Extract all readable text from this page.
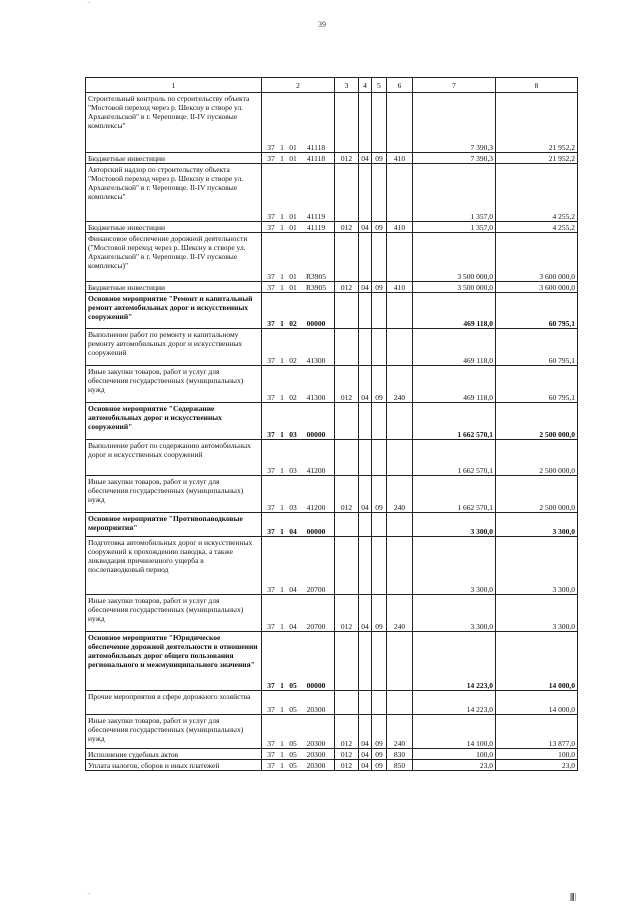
‾
39
1	2	3	4	5	6	7	8
Строительный контроль по строительству объекта "Мостовой переход через р. Шексну в створе ул. Архангельской" в г. Череповце. II-IV пусковые комплексы"	37 1 01 41118					7 390,3	21 952,2
Бюджетные инвестиции	37 1 01 41118	012	04	09	410	7 390,3	21 952,2
Авторский надзор по строительству объекта "Мостовой переход через р. Шексну в створе ул. Архангельской" в г. Череповце. II-IV пусковые комплексы"	37 1 01 41119					1 357,0	4 255,2
Бюджетные инвестиции	37 1 01 41119	012	04	09	410	1 357,0	4 255,2
Финансовое обеспечение дорожной деятельности ("Мостовой переход через р. Шексну в створе ул. Архангельской" в г. Череповце. II-IV пусковые комплексы)"	37 1 01 R3905					3 500 000,0	3 600 000,0
Бюджетные инвестиции	37 1 01 R3905	012	04	09	410	3 500 000,0	3 600 000,0
Основное мероприятие "Ремонт и капитальный ремонт автомобильных дорог и искусственных сооружений"	37 1 02 00000					469 118,0	60 795,1
Выполнение работ по ремонту и капитальному ремонту автомобильных дорог и искусственных сооружений	37 1 02 41300					469 118,0	60 795,1
Иные закупки товаров, работ и услуг для обеспечения государственных (муниципальных) нужд	37 1 02 41300	012	04	09	240	469 118,0	60 795,1
Основное мероприятие "Содержание автомобильных дорог и искусственных сооружений"	37 1 03 00000					1 662 570,1	2 500 000,0
Выполнение работ по содержанию автомобильных дорог и искусственных сооружений	37 1 03 41200					1 662 570,1	2 500 000,0
Иные закупки товаров, работ и услуг для обеспечения государственных (муниципальных) нужд	37 1 03 41200	012	04	09	240	1 662 570,1	2 500 000,0
Основное мероприятие "Противопаводковые мероприятия"	37 1 04 00000					3 300,0	3 300,0
Подготовка автомобильных дорог и искусственных сооружений к прохождению паводка, а также ликвидация причиненного ущерба в послепаводковый период	37 1 04 20700					3 300,0	3 300,0
Иные закупки товаров, работ и услуг для обеспечения государственных (муниципальных) нужд	37 1 04 20700	012	04	09	240	3 300,0	3 300,0
Основное мероприятие "Юридическое обеспечение дорожной деятельности в отношении автомобильных дорог общего пользования регионального и межмуниципального значения"	37 1 05 00000					14 223,0	14 000,0
Прочие мероприятия в сфере дорожного хозяйства	37 1 05 20300					14 223,0	14 000,0
Иные закупки товаров, работ и услуг для обеспечения государственных (муниципальных) нужд	37 1 05 20300	012	04	09	240	14 100,0	13 877,0
Исполнение судебных актов	37 1 05 20300	012	04	09	830	100,0	100,0
Уплата налогов, сборов и иных платежей	37 1 05 20300	012	04	09	850	23,0	23,0
‾	|||||| |
